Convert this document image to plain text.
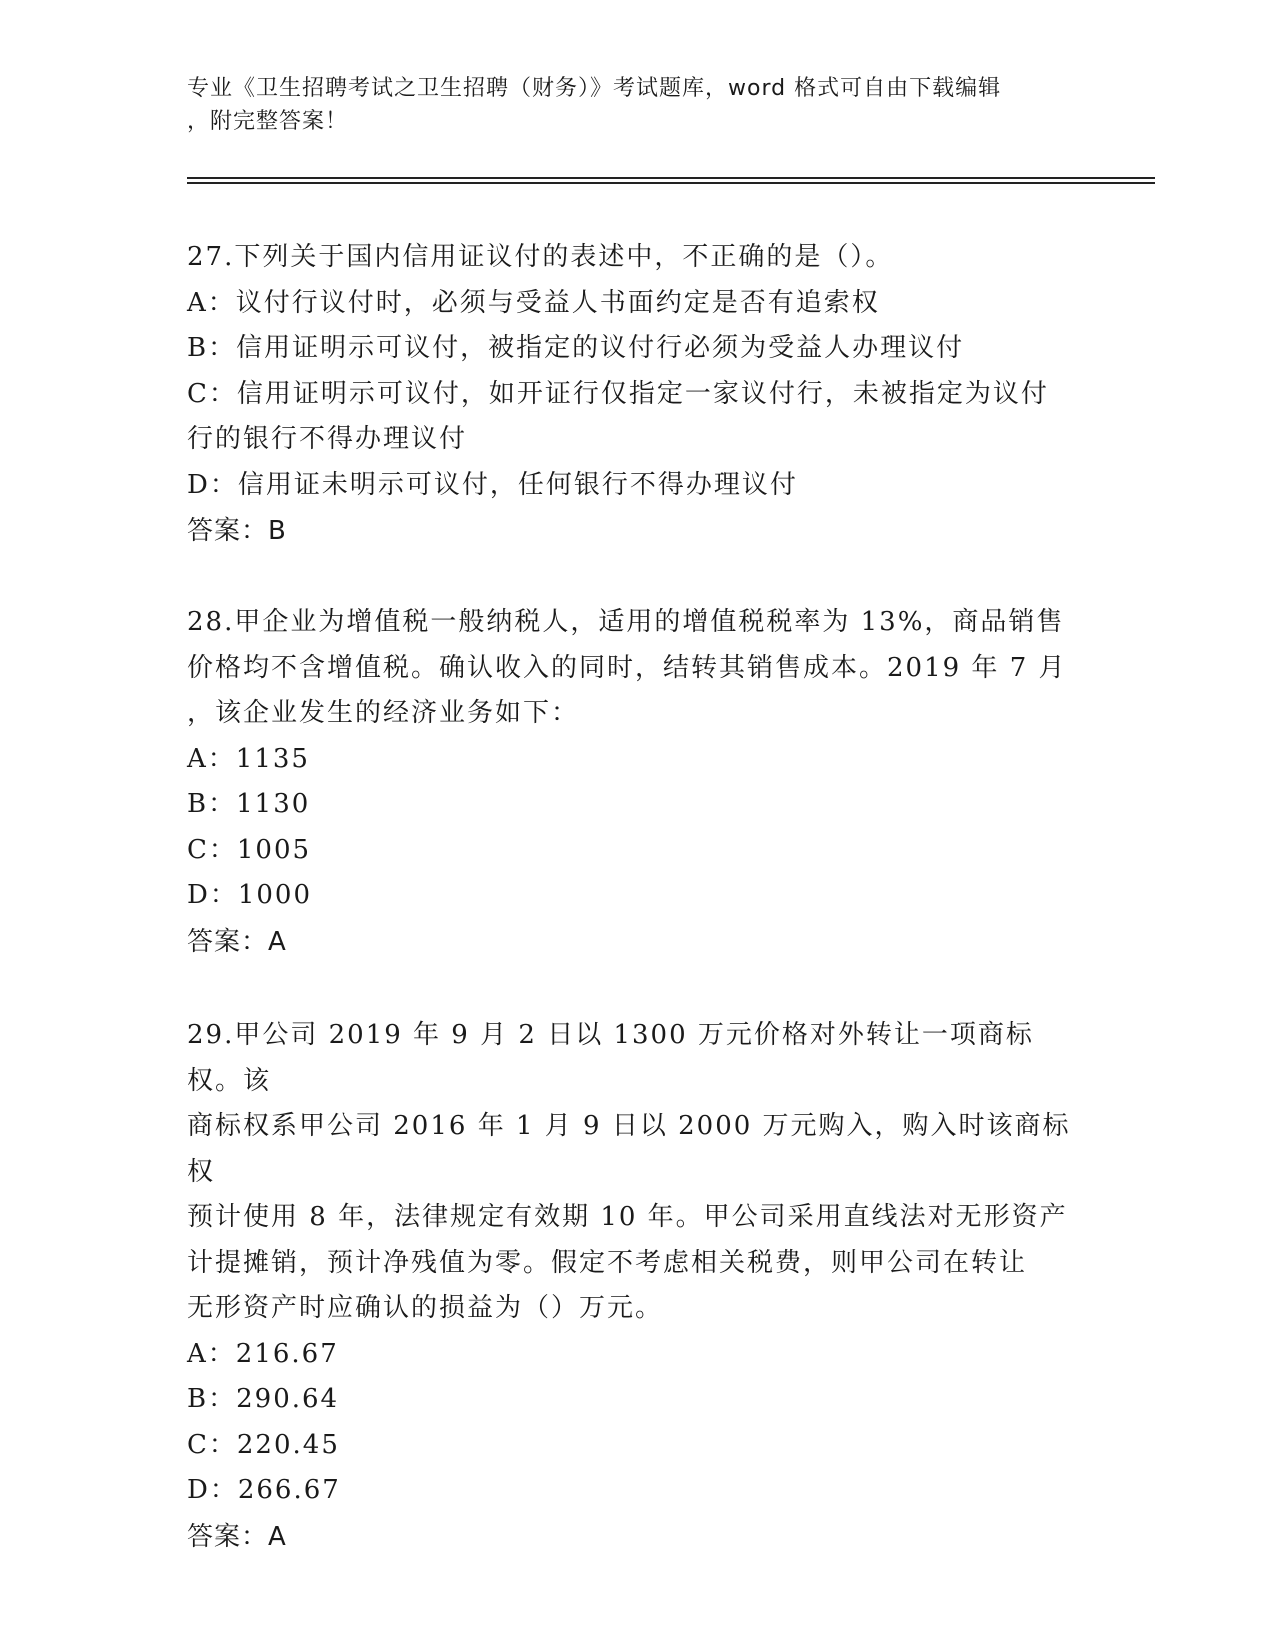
专业《卫生招聘考试之卫生招聘（财务）》考试题库，word 格式可自由下载编辑
，附完整答案！

27.下列关于国内信用证议付的表述中，不正确的是（）。

A：议付行议付时，必须与受益人书面约定是否有追索权

B：信用证明示可议付，被指定的议付行必须为受益人办理议付

C：信用证明示可议付，如开证行仅指定一家议付行，未被指定为议付

行的银行不得办理议付

D：信用证未明示可议付，任何银行不得办理议付

答案：B

28.甲企业为增值税一般纳税人，适用的增值税税率为 13%，商品销售

价格均不含增值税。确认收入的同时，结转其销售成本。2019 年 7 月

，该企业发生的经济业务如下：

A：1135

B：1130

C：1005

D：1000

答案：A

29.甲公司 2019 年 9 月 2 日以 1300 万元价格对外转让一项商标权。该

商标权系甲公司 2016 年 1 月 9 日以 2000 万元购入，购入时该商标权

预计使用 8 年，法律规定有效期 10 年。甲公司采用直线法对无形资产

计提摊销，预计净残值为零。假定不考虑相关税费，则甲公司在转让

无形资产时应确认的损益为（）万元。

A：216.67

B：290.64

C：220.45

D：266.67

答案：A
